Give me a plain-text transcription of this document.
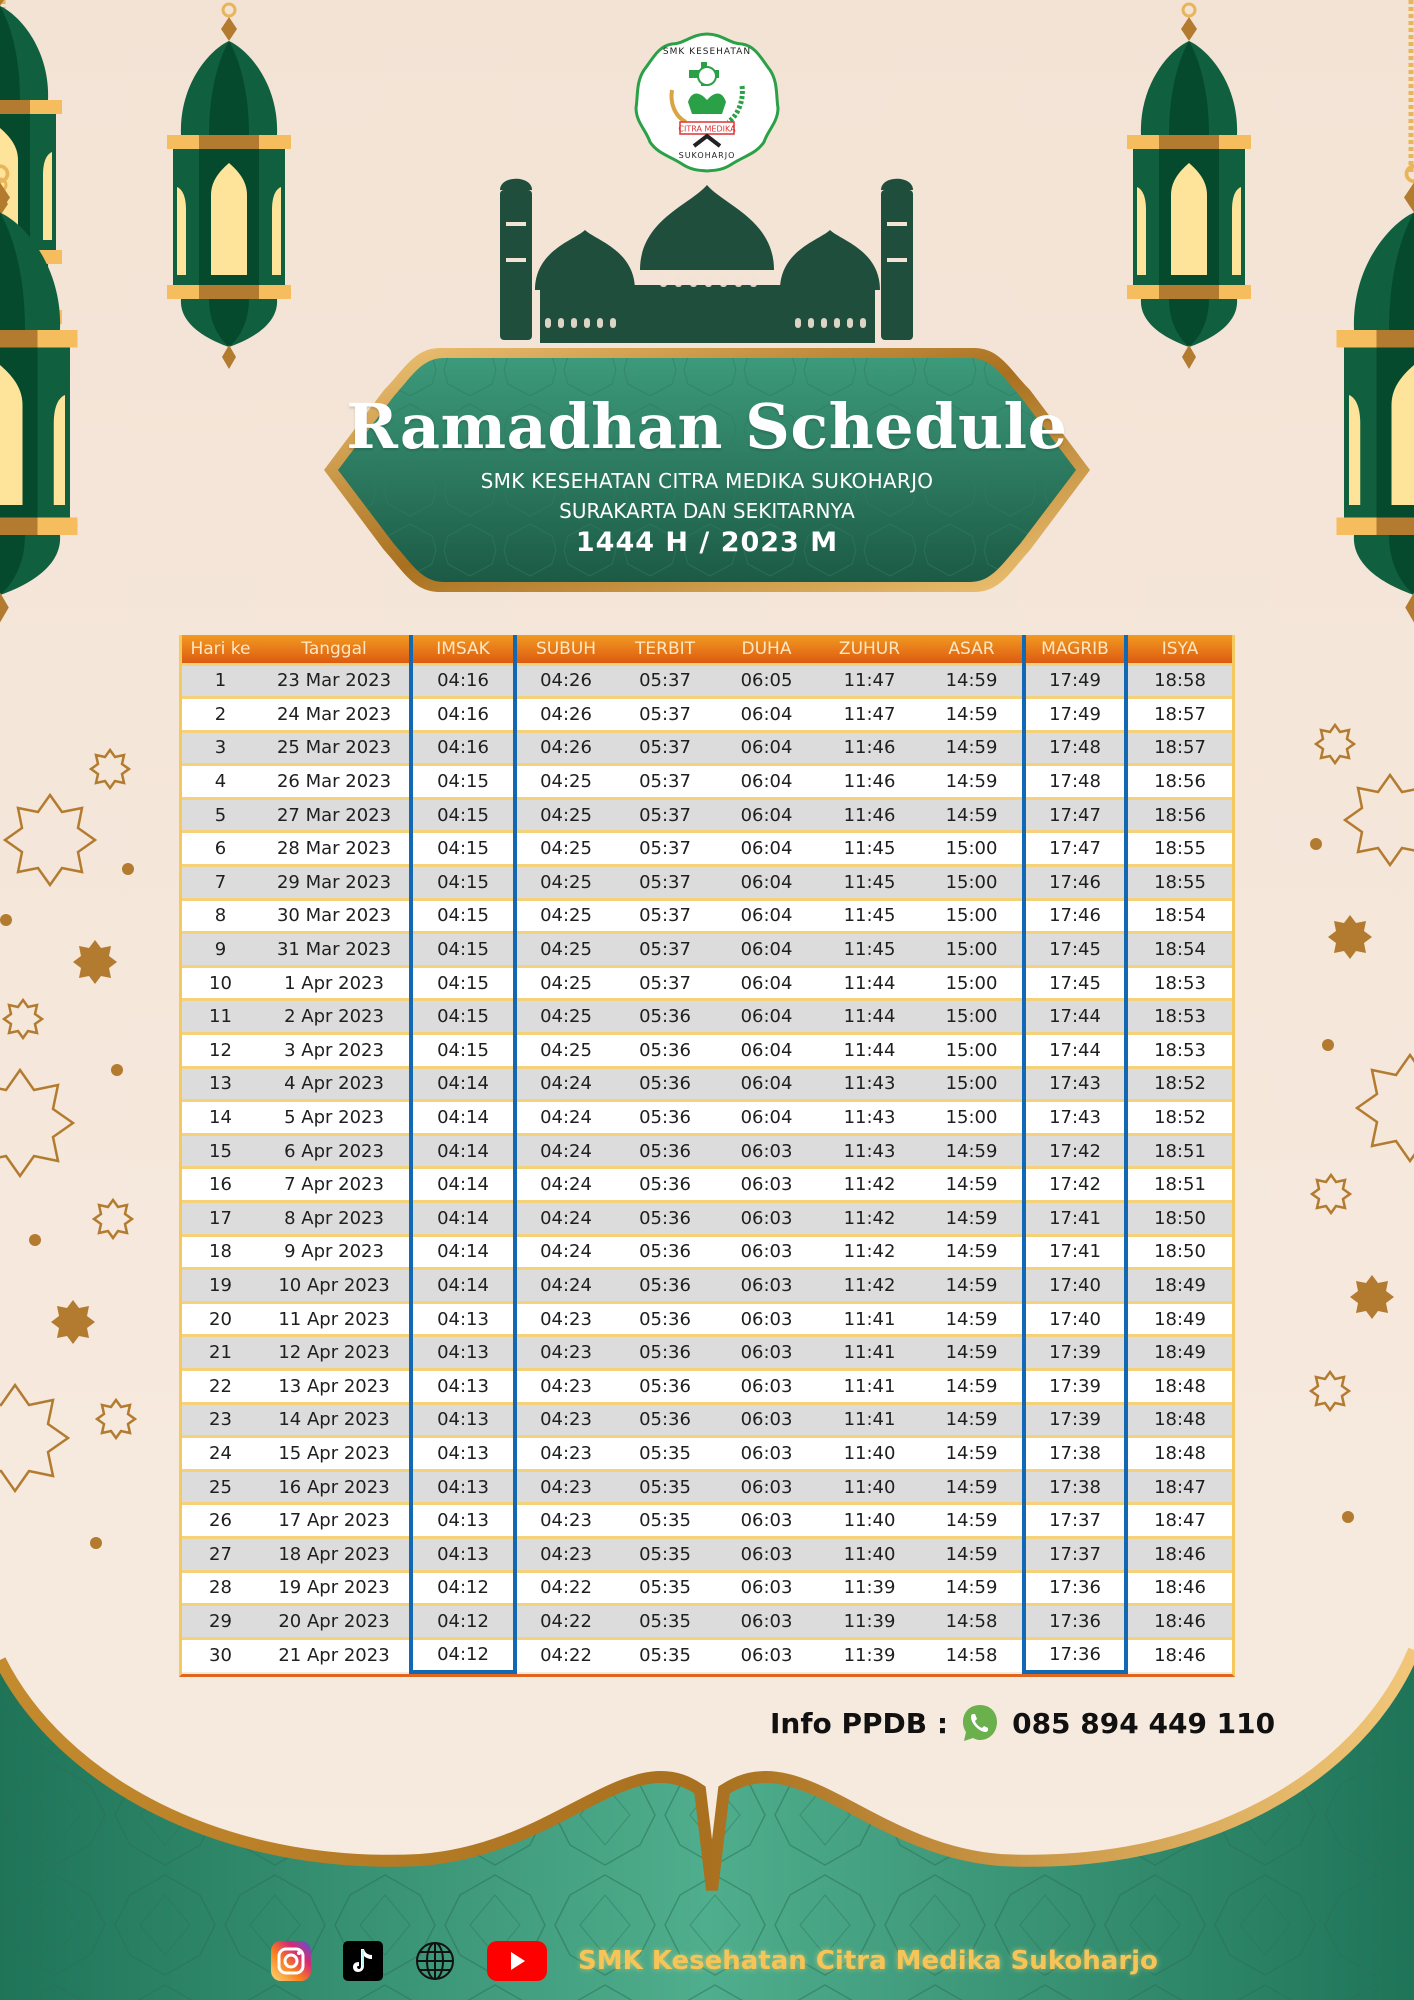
CITRA MEDIKA
SMK KESEHATAN
SUKOHARJO
Ramadhan Schedule
SMK KESEHATAN CITRA MEDIKA SUKOHARJO
SURAKARTA DAN SEKITARNYA
1444 H / 2023 M
Hari ke	Tanggal	IMSAK	SUBUH	TERBIT	DUHA	ZUHUR	ASAR	MAGRIB	ISYA
1	23 Mar 2023	04:16	04:26	05:37	06:05	11:47	14:59	17:49	18:58
2	24 Mar 2023	04:16	04:26	05:37	06:04	11:47	14:59	17:49	18:57
3	25 Mar 2023	04:16	04:26	05:37	06:04	11:46	14:59	17:48	18:57
4	26 Mar 2023	04:15	04:25	05:37	06:04	11:46	14:59	17:48	18:56
5	27 Mar 2023	04:15	04:25	05:37	06:04	11:46	14:59	17:47	18:56
6	28 Mar 2023	04:15	04:25	05:37	06:04	11:45	15:00	17:47	18:55
7	29 Mar 2023	04:15	04:25	05:37	06:04	11:45	15:00	17:46	18:55
8	30 Mar 2023	04:15	04:25	05:37	06:04	11:45	15:00	17:46	18:54
9	31 Mar 2023	04:15	04:25	05:37	06:04	11:45	15:00	17:45	18:54
10	1 Apr 2023	04:15	04:25	05:37	06:04	11:44	15:00	17:45	18:53
11	2 Apr 2023	04:15	04:25	05:36	06:04	11:44	15:00	17:44	18:53
12	3 Apr 2023	04:15	04:25	05:36	06:04	11:44	15:00	17:44	18:53
13	4 Apr 2023	04:14	04:24	05:36	06:04	11:43	15:00	17:43	18:52
14	5 Apr 2023	04:14	04:24	05:36	06:04	11:43	15:00	17:43	18:52
15	6 Apr 2023	04:14	04:24	05:36	06:03	11:43	14:59	17:42	18:51
16	7 Apr 2023	04:14	04:24	05:36	06:03	11:42	14:59	17:42	18:51
17	8 Apr 2023	04:14	04:24	05:36	06:03	11:42	14:59	17:41	18:50
18	9 Apr 2023	04:14	04:24	05:36	06:03	11:42	14:59	17:41	18:50
19	10 Apr 2023	04:14	04:24	05:36	06:03	11:42	14:59	17:40	18:49
20	11 Apr 2023	04:13	04:23	05:36	06:03	11:41	14:59	17:40	18:49
21	12 Apr 2023	04:13	04:23	05:36	06:03	11:41	14:59	17:39	18:49
22	13 Apr 2023	04:13	04:23	05:36	06:03	11:41	14:59	17:39	18:48
23	14 Apr 2023	04:13	04:23	05:36	06:03	11:41	14:59	17:39	18:48
24	15 Apr 2023	04:13	04:23	05:35	06:03	11:40	14:59	17:38	18:48
25	16 Apr 2023	04:13	04:23	05:35	06:03	11:40	14:59	17:38	18:47
26	17 Apr 2023	04:13	04:23	05:35	06:03	11:40	14:59	17:37	18:47
27	18 Apr 2023	04:13	04:23	05:35	06:03	11:40	14:59	17:37	18:46
28	19 Apr 2023	04:12	04:22	05:35	06:03	11:39	14:59	17:36	18:46
29	20 Apr 2023	04:12	04:22	05:35	06:03	11:39	14:58	17:36	18:46
30	21 Apr 2023	04:12	04:22	05:35	06:03	11:39	14:58	17:36	18:46
Info PPDB : 085 894 449 110
SMK Kesehatan Citra Medika Sukoharjo
